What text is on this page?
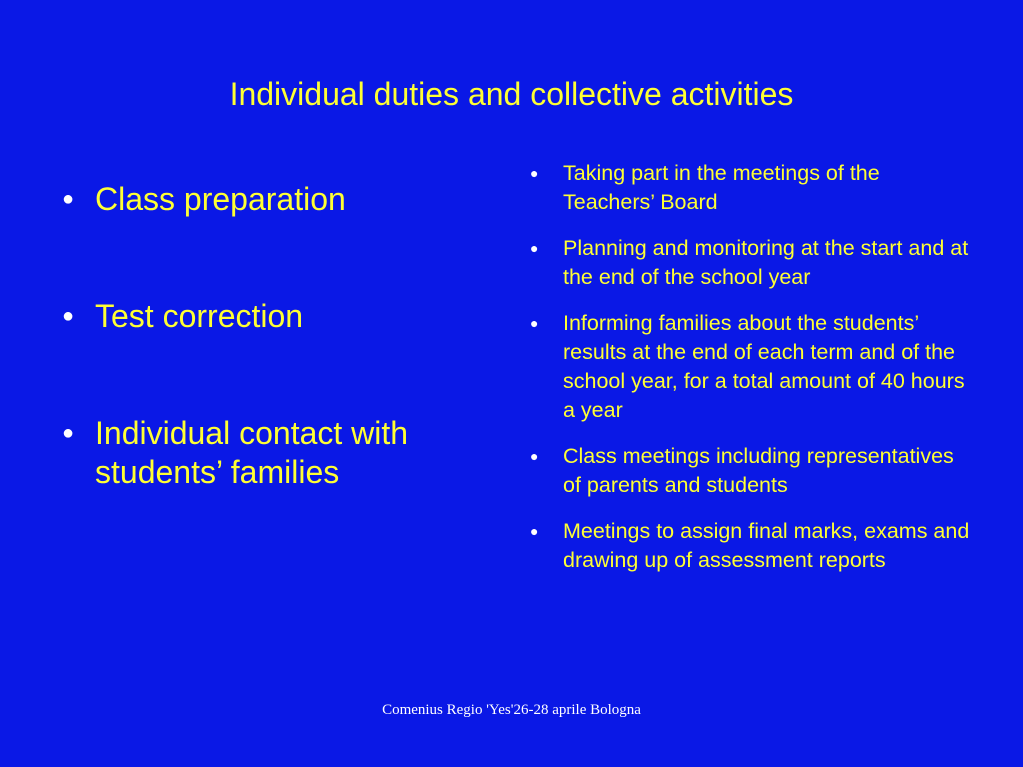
Individual duties and collective activities
● Class preparation
● Test correction
● Individual contact with students’ families
● Taking part in the meetings of the Teachers’ Board
● Planning and monitoring at the start and at the end of the school year
● Informing families about the students’ results at the end of each term and of the school year, for a total amount of 40 hours a year
● Class meetings including representatives of parents and students
● Meetings to assign final marks, exams and drawing up of assessment reports
Comenius Regio 'Yes'26-28 aprile Bologna
